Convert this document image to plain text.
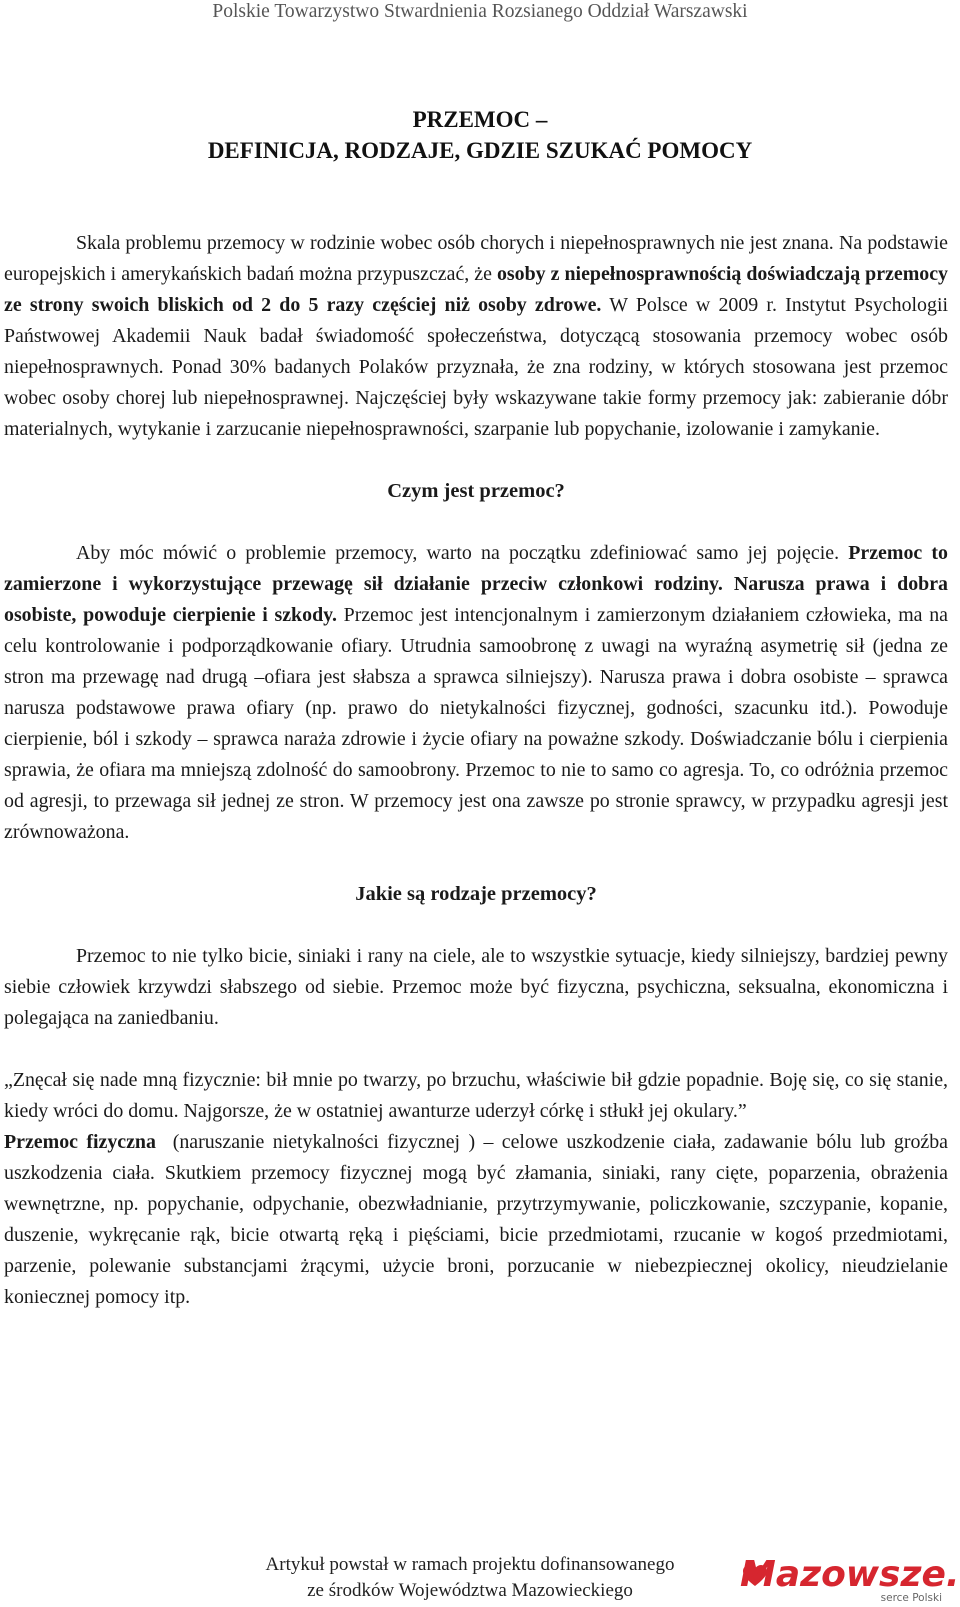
Polskie Towarzystwo Stwardnienia Rozsianego Oddział Warszawski
PRZEMOC –
DEFINICJA, RODZAJE, GDZIE SZUKAĆ POMOCY

Skala problemu przemocy w rodzinie wobec osób chorych i niepełnosprawnych nie jest znana. Na podstawie europejskich i amerykańskich badań można przypuszczać, że osoby z niepełnosprawnością doświadczają przemocy ze strony swoich bliskich od 2 do 5 razy częściej niż osoby zdrowe. W Polsce w 2009 r. Instytut Psychologii Państwowej Akademii Nauk badał świadomość społeczeństwa, dotyczącą stosowania przemocy wobec osób niepełnosprawnych. Ponad 30% badanych Polaków przyznała, że zna rodziny, w których stosowana jest przemoc wobec osoby chorej lub niepełnosprawnej. Najczęściej były wskazywane takie formy przemocy jak: zabieranie dóbr materialnych, wytykanie i zarzucanie niepełnosprawności, szarpanie lub popychanie, izolowanie i zamykanie.

Czym jest przemoc?

Aby móc mówić o problemie przemocy, warto na początku zdefiniować samo jej pojęcie. Przemoc to zamierzone i wykorzystujące przewagę sił działanie przeciw członkowi rodziny. Narusza prawa i dobra osobiste, powoduje cierpienie i szkody. Przemoc jest intencjonalnym i zamierzonym działaniem człowieka, ma na celu kontrolowanie i podporządkowanie ofiary. Utrudnia samoobronę z uwagi na wyraźną asymetrię sił (jedna ze stron ma przewagę nad drugą –ofiara jest słabsza a sprawca silniejszy). Narusza prawa i dobra osobiste – sprawca narusza podstawowe prawa ofiary (np. prawo do nietykalności fizycznej, godności, szacunku itd.). Powoduje cierpienie, ból i szkody – sprawca naraża zdrowie i życie ofiary na poważne szkody. Doświadczanie bólu i cierpienia sprawia, że ofiara ma mniejszą zdolność do samoobrony. Przemoc to nie to samo co agresja. To, co odróżnia przemoc od agresji, to przewaga sił jednej ze stron. W przemocy jest ona zawsze po stronie sprawcy, w przypadku agresji jest zrównoważona.

Jakie są rodzaje przemocy?

Przemoc to nie tylko bicie, siniaki i rany na ciele, ale to wszystkie sytuacje, kiedy silniejszy, bardziej pewny siebie człowiek krzywdzi słabszego od siebie. Przemoc może być fizyczna, psychiczna, seksualna, ekonomiczna i polegająca na zaniedbaniu.

„Znęcał się nade mną fizycznie: bił mnie po twarzy, po brzuchu, właściwie bił gdzie popadnie. Boję się, co się stanie, kiedy wróci do domu. Najgorsze, że w ostatniej awanturze uderzył córkę i stłukł jej okulary.”

Przemoc fizyczna  (naruszanie nietykalności fizycznej ) – celowe uszkodzenie ciała, zadawanie bólu lub groźba uszkodzenia ciała. Skutkiem przemocy fizycznej mogą być złamania, siniaki, rany cięte, poparzenia, obrażenia wewnętrzne, np. popychanie, odpychanie, obezwładnianie, przytrzymywanie, policzkowanie, szczypanie, kopanie, duszenie, wykręcanie rąk, bicie otwartą ręką i pięściami, bicie przedmiotami, rzucanie w kogoś przedmiotami, parzenie, polewanie substancjami żrącymi, użycie broni, porzucanie w niebezpiecznej okolicy, nieudzielanie koniecznej pomocy itp.

Artykuł powstał w ramach projektu dofinansowanego
ze środków Województwa Mazowieckiego	Mazowsze.
serce Polski
